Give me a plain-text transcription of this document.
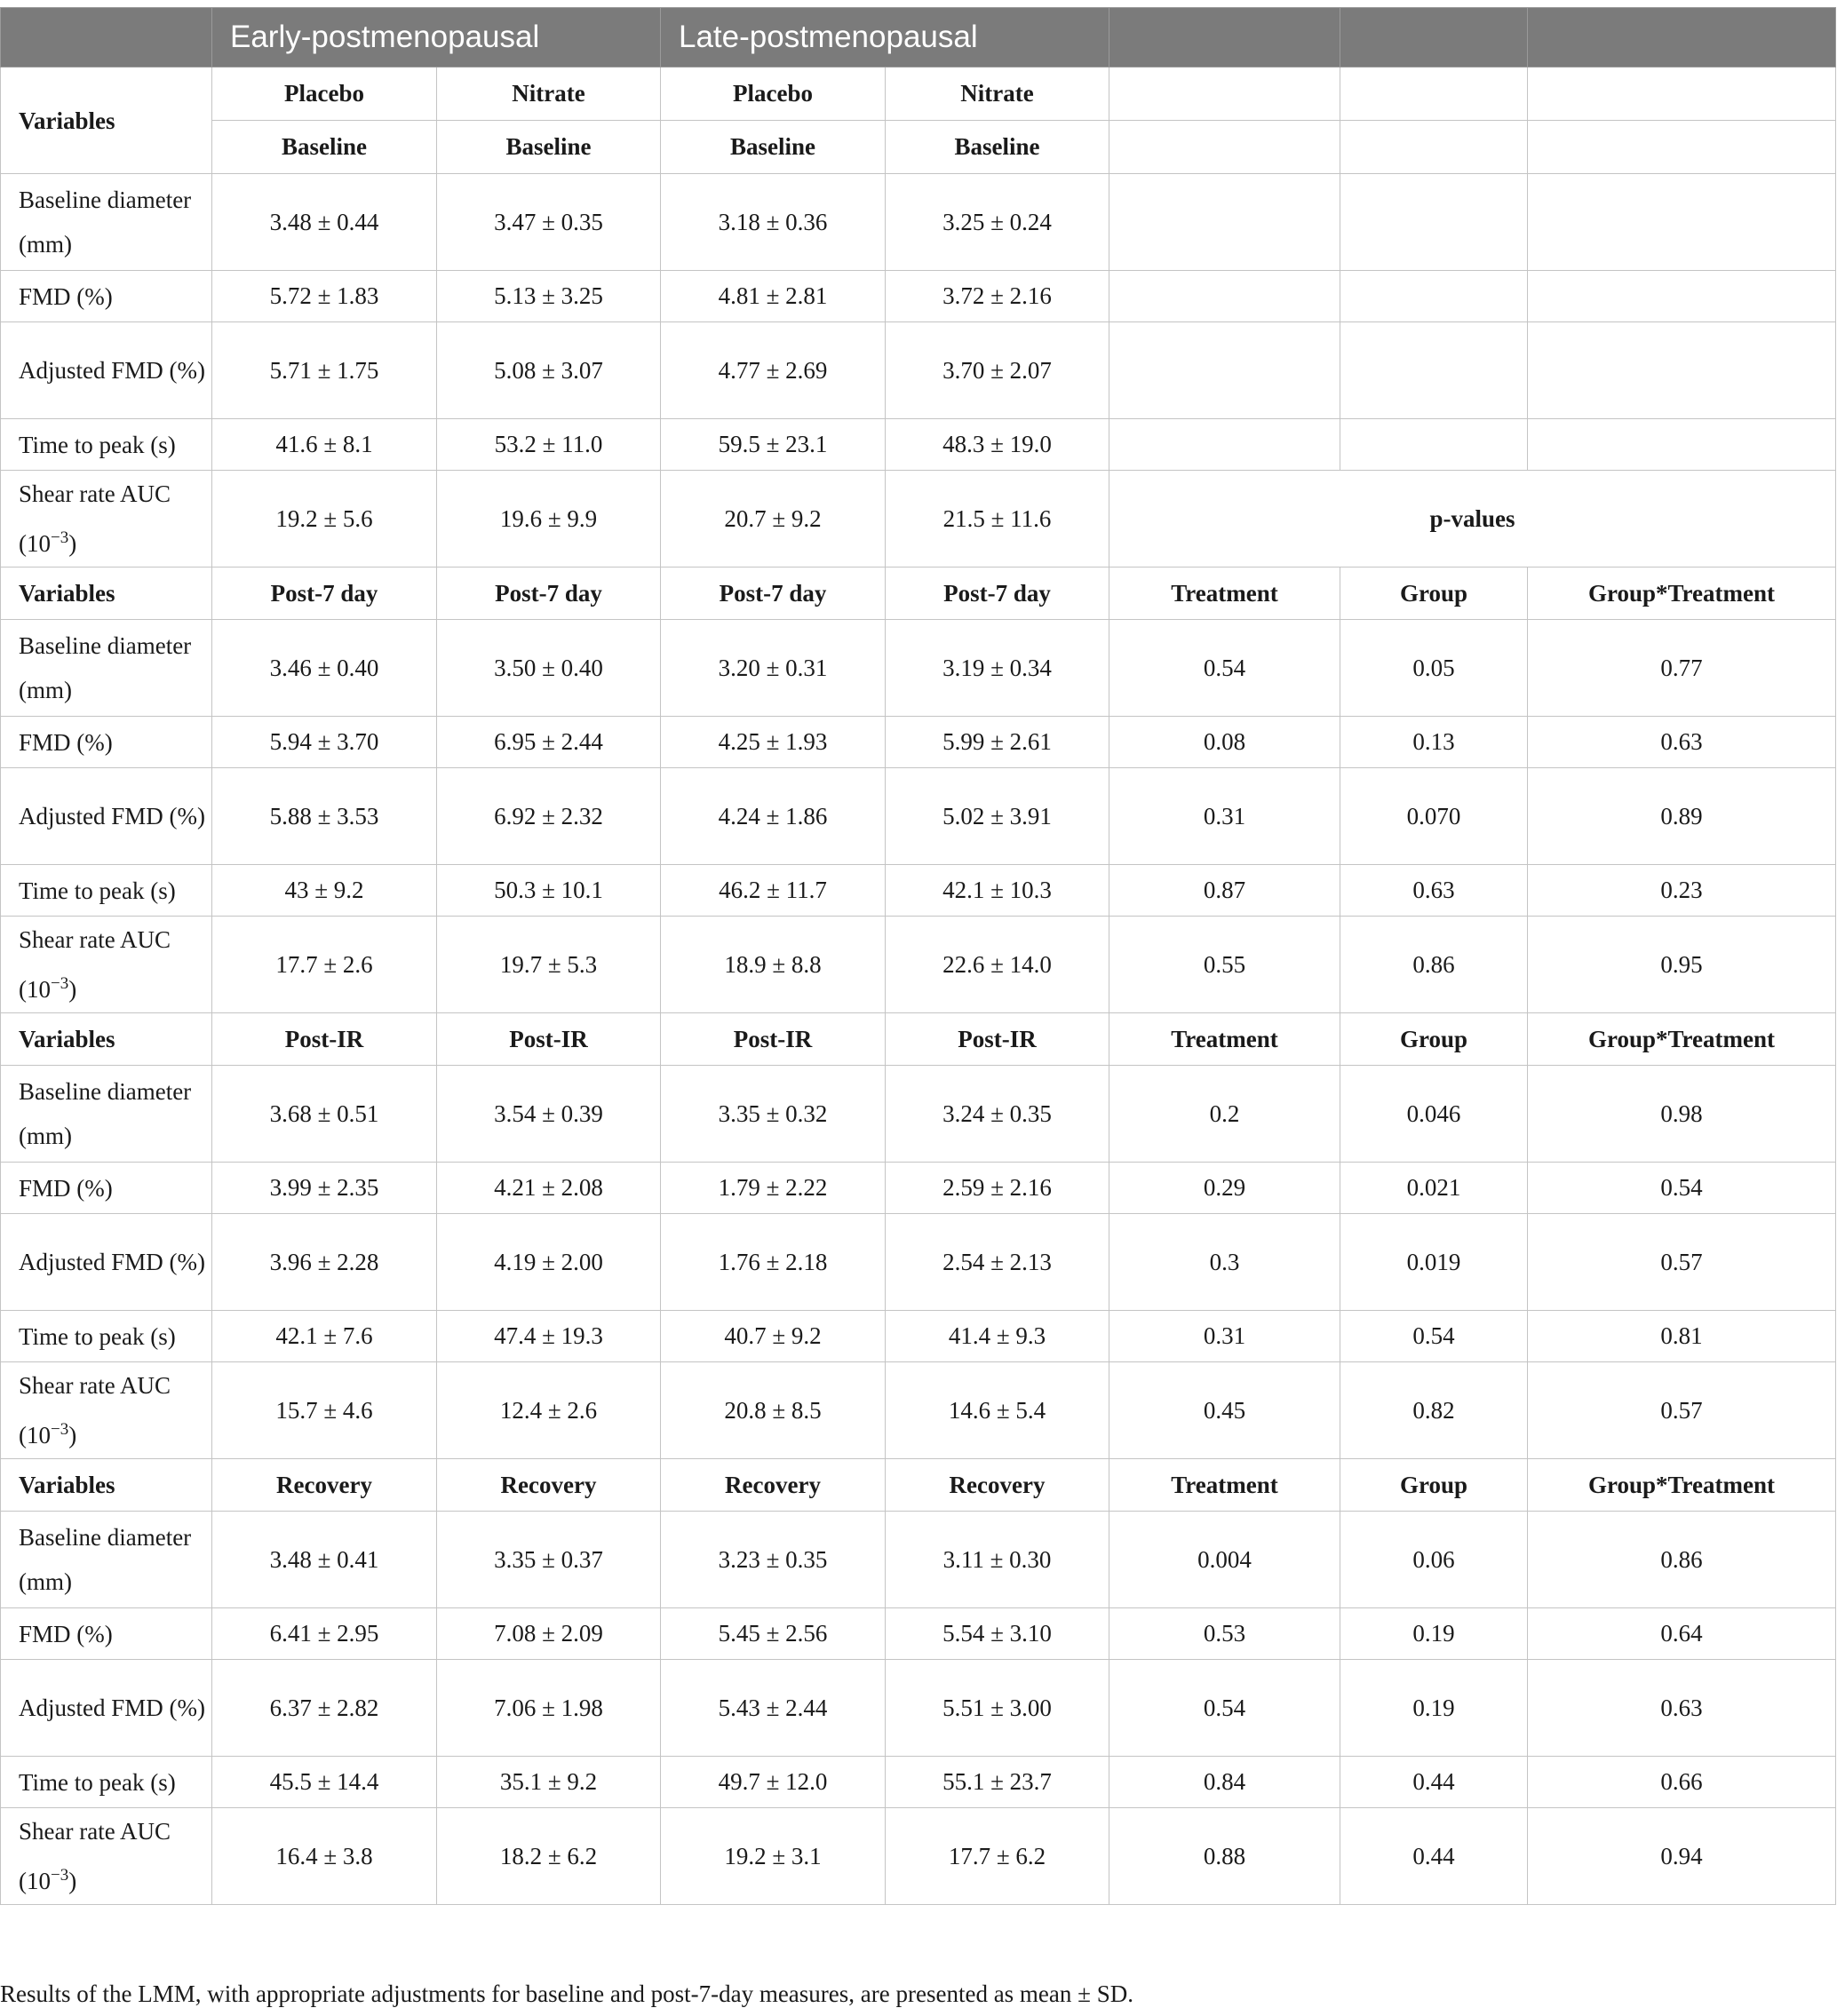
	Early-postmenopausal		Late-postmenopausal				
Variables	Placebo	Nitrate	Placebo	Nitrate			
	Baseline	Baseline	Baseline	Baseline			
Baseline diameter (mm)	3.48 ± 0.44	3.47 ± 0.35	3.18 ± 0.36	3.25 ± 0.24			
FMD (%)	5.72 ± 1.83	5.13 ± 3.25	4.81 ± 2.81	3.72 ± 2.16			
Adjusted FMD (%)	5.71 ± 1.75	5.08 ± 3.07	4.77 ± 2.69	3.70 ± 2.07			
Time to peak (s)	41.6 ± 8.1	53.2 ± 11.0	59.5 ± 23.1	48.3 ± 19.0			
Shear rate AUC $(10^{-3})$	19.2 ± 5.6	19.6 ± 9.9	20.7 ± 9.2	21.5 ± 11.6	p-values		
Variables	Post-7 day	Post-7 day	Post-7 day	Post-7 day	Treatment	Group	Group*Treatment
Baseline diameter (mm)	3.46 ± 0.40	3.50 ± 0.40	3.20 ± 0.31	3.19 ± 0.34	0.54	0.05	0.77
FMD (%)	5.94 ± 3.70	6.95 ± 2.44	4.25 ± 1.93	5.99 ± 2.61	0.08	0.13	0.63
Adjusted FMD (%)	5.88 ± 3.53	6.92 ± 2.32	4.24 ± 1.86	5.02 ± 3.91	0.31	0.070	0.89
Time to peak (s)	43 ± 9.2	50.3 ± 10.1	46.2 ± 11.7	42.1 ± 10.3	0.87	0.63	0.23
Shear rate AUC $(10^{-3})$	17.7 ± 2.6	19.7 ± 5.3	18.9 ± 8.8	22.6 ± 14.0	0.55	0.86	0.95
Variables	Post-IR	Post-IR	Post-IR	Post-IR	Treatment	Group	Group*Treatment
Baseline diameter (mm)	3.68 ± 0.51	3.54 ± 0.39	3.35 ± 0.32	3.24 ± 0.35	0.2	0.046	0.98
FMD (%)	3.99 ± 2.35	4.21 ± 2.08	1.79 ± 2.22	2.59 ± 2.16	0.29	0.021	0.54
Adjusted FMD (%)	3.96 ± 2.28	4.19 ± 2.00	1.76 ± 2.18	2.54 ± 2.13	0.3	0.019	0.57
Time to peak (s)	42.1 ± 7.6	47.4 ± 19.3	40.7 ± 9.2	41.4 ± 9.3	0.31	0.54	0.81
Shear rate AUC $(10^{-3})$	15.7 ± 4.6	12.4 ± 2.6	20.8 ± 8.5	14.6 ± 5.4	0.45	0.82	0.57
Variables	Recovery	Recovery	Recovery	Recovery	Treatment	Group	Group*Treatment
Baseline diameter (mm)	3.48 ± 0.41	3.35 ± 0.37	3.23 ± 0.35	3.11 ± 0.30	0.004	0.06	0.86
FMD (%)	6.41 ± 2.95	7.08 ± 2.09	5.45 ± 2.56	5.54 ± 3.10	0.53	0.19	0.64
Adjusted FMD (%)	6.37 ± 2.82	7.06 ± 1.98	5.43 ± 2.44	5.51 ± 3.00	0.54	0.19	0.63
Time to peak (s)	45.5 ± 14.4	35.1 ± 9.2	49.7 ± 12.0	55.1 ± 23.7	0.84	0.44	0.66
Shear rate AUC $(10^{-3})$	16.4 ± 3.8	18.2 ± 6.2	19.2 ± 3.1	17.7 ± 6.2	0.88	0.44	0.94

Results of the LMM, with appropriate adjustments for baseline and post-7-day measures, are presented as mean ± SD.
